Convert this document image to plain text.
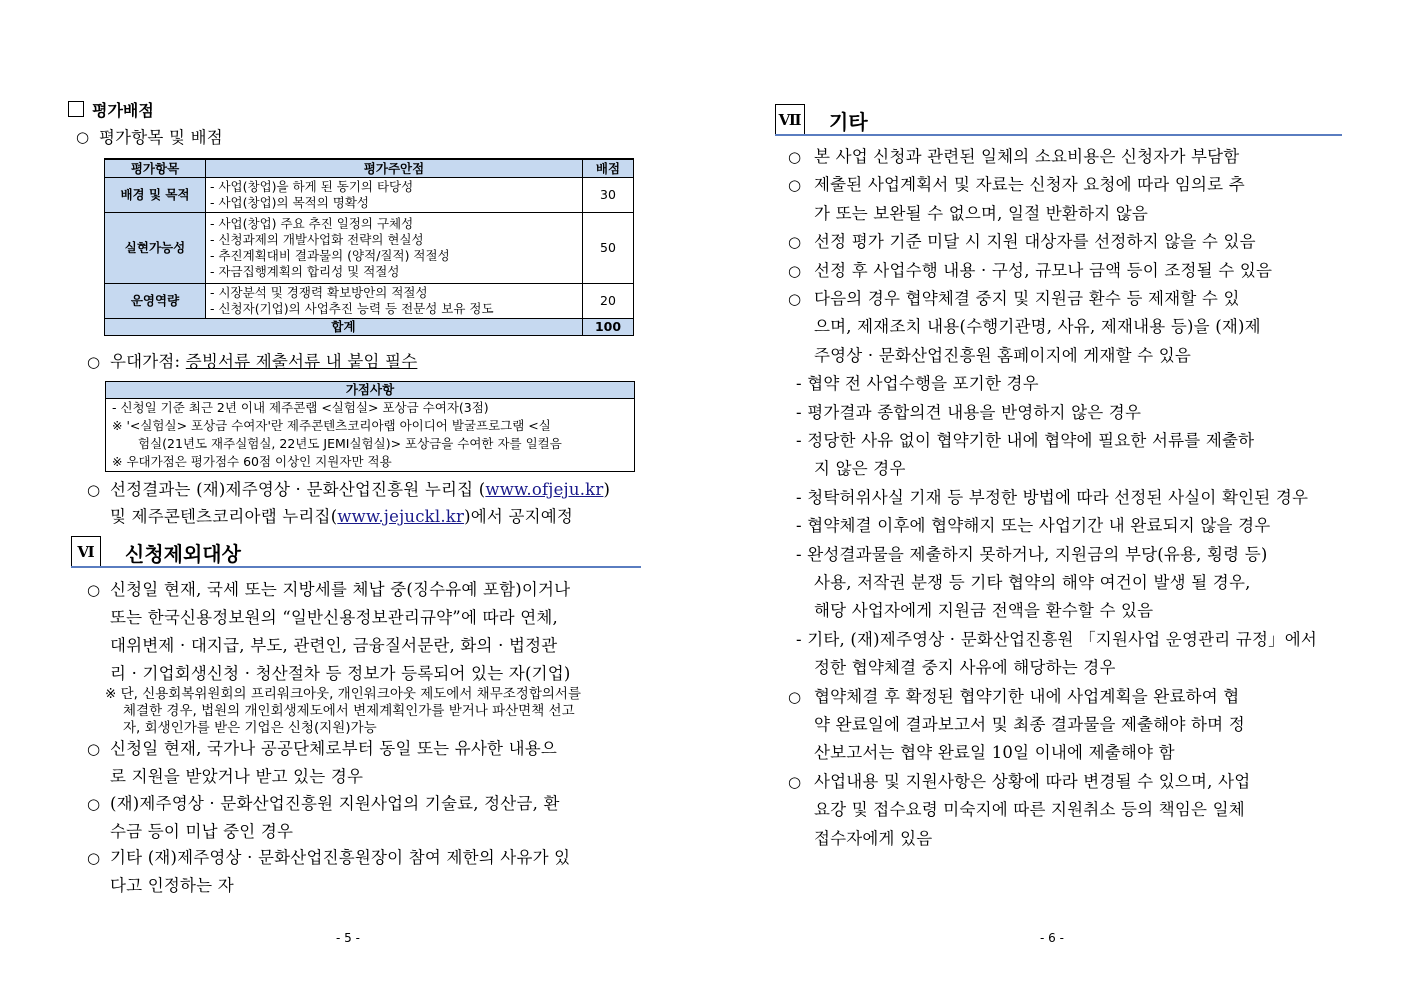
평가배점
○ 평가항목 및 배점
평가항목	평가주안점	배점
배경 및 목적	- 사업(창업)을 하게 된 동기의 타당성
- 사업(창업)의 목적의 명확성	30
실현가능성	- 사업(창업) 주요 추진 일정의 구체성
- 신청과제의 개발사업화 전략의 현실성
- 추진계획대비 결과물의 (양적/질적) 적절성
- 자금집행계획의 합리성 및 적절성	50
운영역량	- 시장분석 및 경쟁력 확보방안의 적절성
- 신청자(기업)의 사업추진 능력 등 전문성 보유 정도	20
합계		100
○ 우대가점: 증빙서류 제출서류 내 붙임 필수
가점사항
- 신청일 기준 최근 2년 이내 제주콘랩 <실험실> 포상금 수여자(3점)
※ '<실험실> 포상금 수여자'란 제주콘텐츠코리아랩 아이디어 발굴프로그램 <실
험실(21년도 재주실험실, 22년도 JEMI실험실)> 포상금을 수여한 자를 일컬음
※ 우대가점은 평가점수 60점 이상인 지원자만 적용
○ 선정결과는 (재)제주영상 · 문화산업진흥원 누리집 (www.ofjeju.kr)
및 제주콘텐츠코리아랩 누리집(www.jejuckl.kr)에서 공지예정
Ⅵ	신청제외대상
○ 신청일 현재, 국세 또는 지방세를 체납 중(징수유예 포함)이거나
또는 한국신용정보원의 “일반신용정보관리규약”에 따라 연체,
대위변제 · 대지급, 부도, 관련인, 금융질서문란, 화의 · 법정관
리 · 기업회생신청 · 청산절차 등 정보가 등록되어 있는 자(기업)
※ 단, 신용회복위원회의 프리워크아웃, 개인워크아웃 제도에서 채무조정합의서를
체결한 경우, 법원의 개인회생제도에서 변제계획인가를 받거나 파산면책 선고
자, 회생인가를 받은 기업은 신청(지원)가능
○ 신청일 현재, 국가나 공공단체로부터 동일 또는 유사한 내용으
로 지원을 받았거나 받고 있는 경우
○ (재)제주영상 · 문화산업진흥원 지원사업의 기술료, 정산금, 환
수금 등이 미납 중인 경우
○ 기타 (재)제주영상 · 문화산업진흥원장이 참여 제한의 사유가 있
다고 인정하는 자
- 5 -
Ⅶ 기타
○ 본 사업 신청과 관련된 일체의 소요비용은 신청자가 부담함
○ 제출된 사업계획서 및 자료는 신청자 요청에 따라 임의로 추
가 또는 보완될 수 없으며, 일절 반환하지 않음
○ 선정 평가 기준 미달 시 지원 대상자를 선정하지 않을 수 있음
○ 선정 후 사업수행 내용 · 구성, 규모나 금액 등이 조정될 수 있음
○ 다음의 경우 협약체결 중지 및 지원금 환수 등 제재할 수 있
으며, 제재조치 내용(수행기관명, 사유, 제재내용 등)을 (재)제
주영상 · 문화산업진흥원 홈페이지에 게재할 수 있음
- 협약 전 사업수행을 포기한 경우
- 평가결과 종합의견 내용을 반영하지 않은 경우
- 정당한 사유 없이 협약기한 내에 협약에 필요한 서류를 제출하
지 않은 경우
- 청탁허위사실 기재 등 부정한 방법에 따라 선정된 사실이 확인된 경우
- 협약체결 이후에 협약해지 또는 사업기간 내 완료되지 않을 경우
- 완성결과물을 제출하지 못하거나, 지원금의 부당(유용, 횡령 등)
사용, 저작권 분쟁 등 기타 협약의 해약 여건이 발생 될 경우,
해당 사업자에게 지원금 전액을 환수할 수 있음
- 기타, (재)제주영상 · 문화산업진흥원 「지원사업 운영관리 규정」에서
정한 협약체결 중지 사유에 해당하는 경우
○ 협약체결 후 확정된 협약기한 내에 사업계획을 완료하여 협
약 완료일에 결과보고서 및 최종 결과물을 제출해야 하며 정
산보고서는 협약 완료일 10일 이내에 제출해야 함
○ 사업내용 및 지원사항은 상황에 따라 변경될 수 있으며, 사업
요강 및 접수요령 미숙지에 따른 지원취소 등의 책임은 일체
접수자에게 있음
- 6 -
